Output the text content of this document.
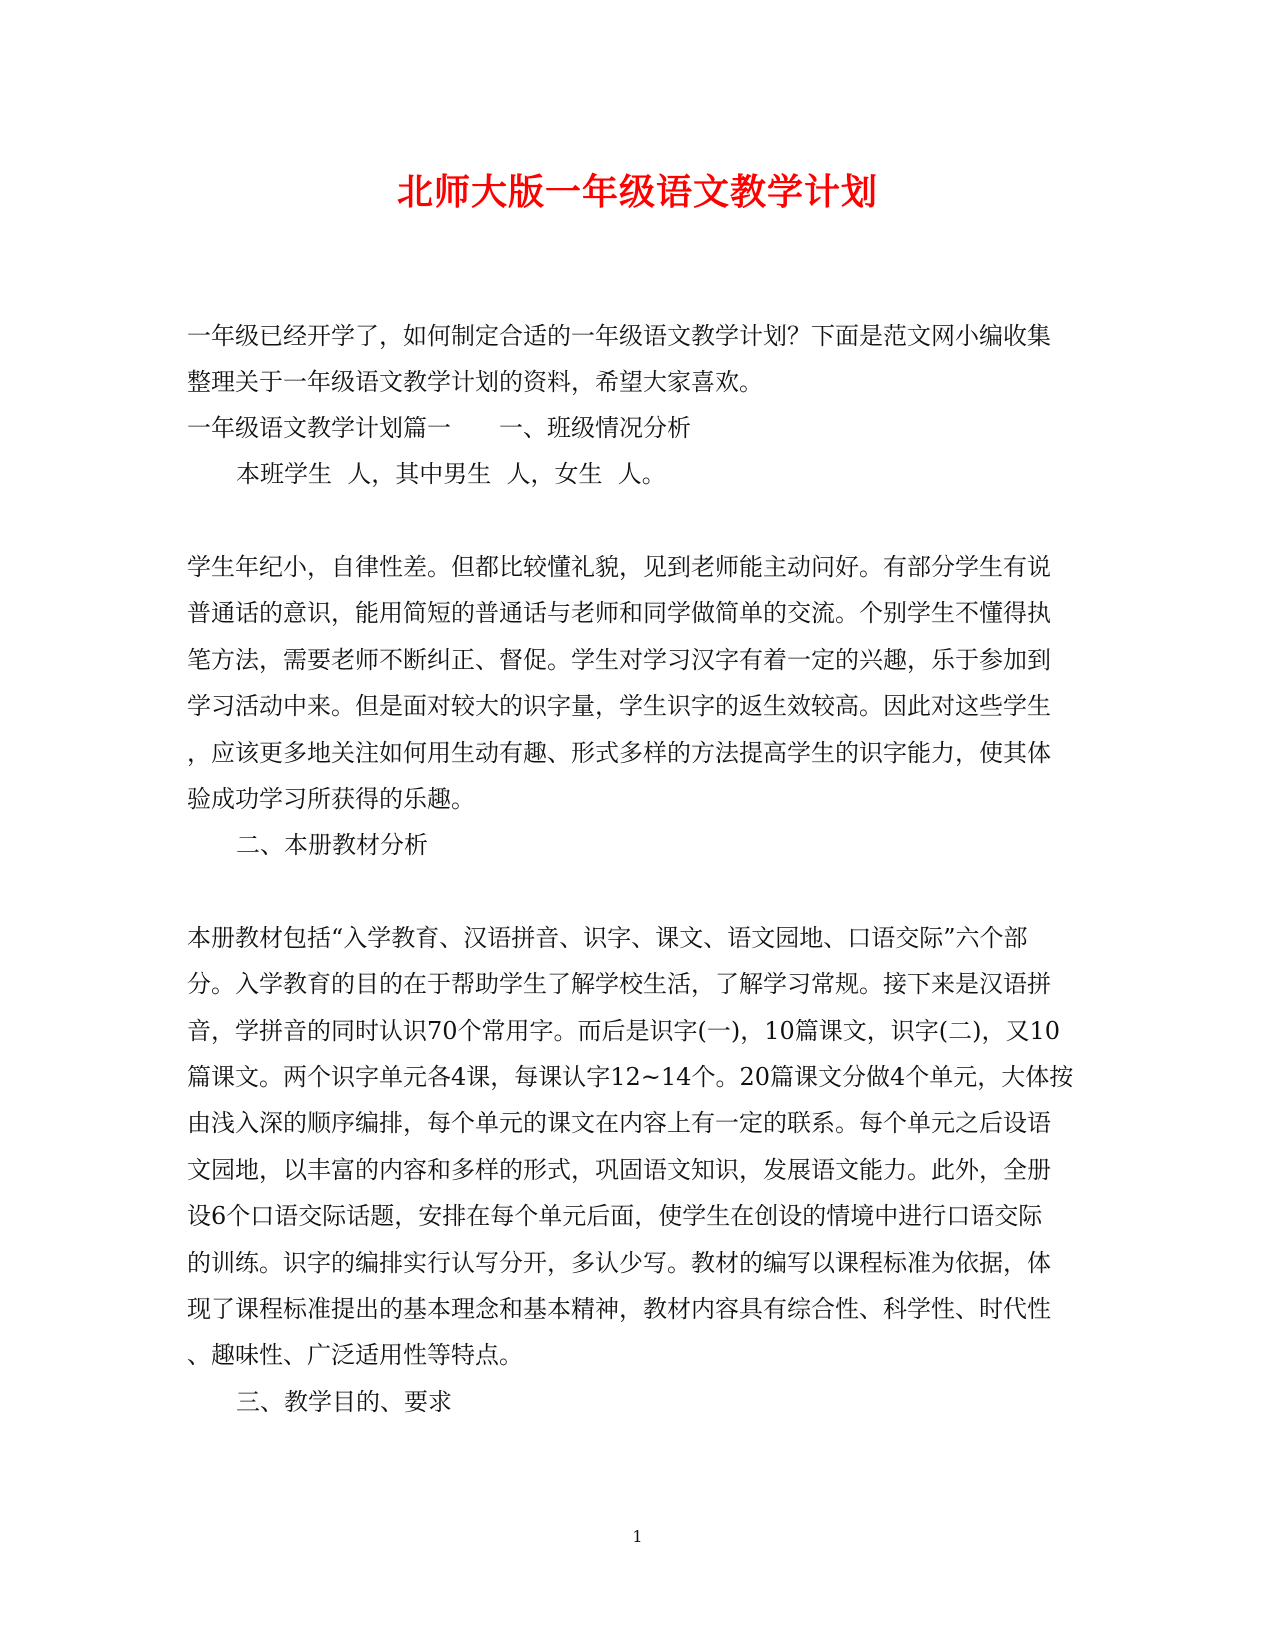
北师大版一年级语文教学计划
一年级已经开学了，如何制定合适的一年级语文教学计划？下面是范文网小编收集
整理关于一年级语文教学计划的资料，希望大家喜欢。
一年级语文教学计划篇一　　一、班级情况分析
本班学生  人，其中男生  人，女生  人。
学生年纪小，自律性差。但都比较懂礼貌，见到老师能主动问好。有部分学生有说
普通话的意识，能用简短的普通话与老师和同学做简单的交流。个别学生不懂得执
笔方法，需要老师不断纠正、督促。学生对学习汉字有着一定的兴趣，乐于参加到
学习活动中来。但是面对较大的识字量，学生识字的返生效较高。因此对这些学生
，应该更多地关注如何用生动有趣、形式多样的方法提高学生的识字能力，使其体
验成功学习所获得的乐趣。
二、本册教材分析
本册教材包括“入学教育、汉语拼音、识字、课文、语文园地、口语交际”六个部
分。入学教育的目的在于帮助学生了解学校生活，了解学习常规。接下来是汉语拼
音，学拼音的同时认识70个常用字。而后是识字(一)，10篇课文，识字(二)，又10
篇课文。两个识字单元各4课，每课认字12~14个。20篇课文分做4个单元，大体按
由浅入深的顺序编排，每个单元的课文在内容上有一定的联系。每个单元之后设语
文园地，以丰富的内容和多样的形式，巩固语文知识，发展语文能力。此外，全册
设6个口语交际话题，安排在每个单元后面，使学生在创设的情境中进行口语交际
的训练。识字的编排实行认写分开，多认少写。教材的编写以课程标准为依据，体
现了课程标准提出的基本理念和基本精神，教材内容具有综合性、科学性、时代性
、趣味性、广泛适用性等特点。
三、教学目的、要求
1
